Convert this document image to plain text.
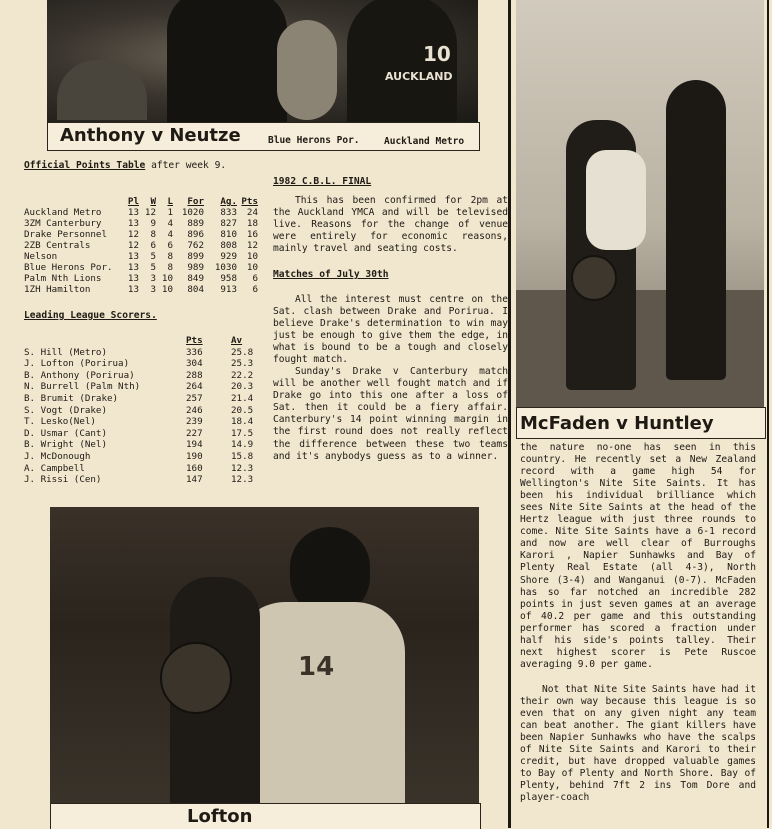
10
AUCKLAND
Anthony v Neutze	Blue Herons Por.	Auckland Metro
Official Points Table after week 9.
	Pl	W	L	For	Ag.	Pts
Auckland Metro	13	12	1	1020	833	24
3ZM Canterbury	13	9	4	889	827	18
Drake Personnel	12	8	4	896	810	16
2ZB Centrals	12	6	6	762	808	12
Nelson	13	5	8	899	929	10
Blue Herons Por.	13	5	8	989	1030	10
Palm Nth Lions	13	3	10	849	958	6
1ZH Hamilton	13	3	10	804	913	6
Leading League Scorers.
	Pts	Av
S. Hill (Metro)	336	25.8
J. Lofton (Porirua)	304	25.3
B. Anthony (Porirua)	288	22.2
N. Burrell (Palm Nth)	264	20.3
B. Brumit (Drake)	257	21.4
S. Vogt (Drake)	246	20.5
T. Lesko(Nel)	239	18.4
D. Usmar (Cant)	227	17.5
B. Wright (Nel)	194	14.9
J. McDonough	190	15.8
A. Campbell	160	12.3
J. Rissi (Cen)	147	12.3
1982 C.B.L. FINAL

This has been confirmed for 2pm at the Auckland YMCA and will be televised live. Reasons for the change of venue were entirely for economic reasons, mainly travel and seating costs.

Matches of July 30th

All the interest must centre on the Sat. clash between Drake and Porirua. I believe Drake's determination to win may just be enough to give them the edge, in what is bound to be a tough and closely fought match.

Sunday's Drake v Canterbury match will be another well fought match and if Drake go into this one after a loss of Sat. then it could be a fiery affair. Canterbury's 14 point winning margin in the first round does not really reflect the difference between these two teams and it's anybodys guess as to a winner.

14
Lofton
McFaden v Huntley

the nature no-one has seen in this country. He recently set a New Zealand record with a game high 54 for Wellington's Nite Site Saints. It has been his individual brilliance which sees Nite Site Saints at the head of the Hertz league with just three rounds to come. Nite Site Saints have a 6-1 record and now are well clear of Burroughs Karori , Napier Sunhawks and Bay of Plenty Real Estate (all 4-3), North Shore (3-4) and Wanganui (0-7). McFaden has so far notched an incredible 282 points in just seven games at an average of 40.2 per game and this outstanding performer has scored a fraction under half his side's points talley. Their next highest scorer is Pete Ruscoe averaging 9.0 per game.

Not that Nite Site Saints have had it their own way because this league is so even that on any given night any team can beat another. The giant killers have been Napier Sunhawks who have the scalps of Nite Site Saints and Karori to their credit, but have dropped valuable games to Bay of Plenty and North Shore. Bay of Plenty, behind 7ft 2 ins Tom Dore and player-coach
